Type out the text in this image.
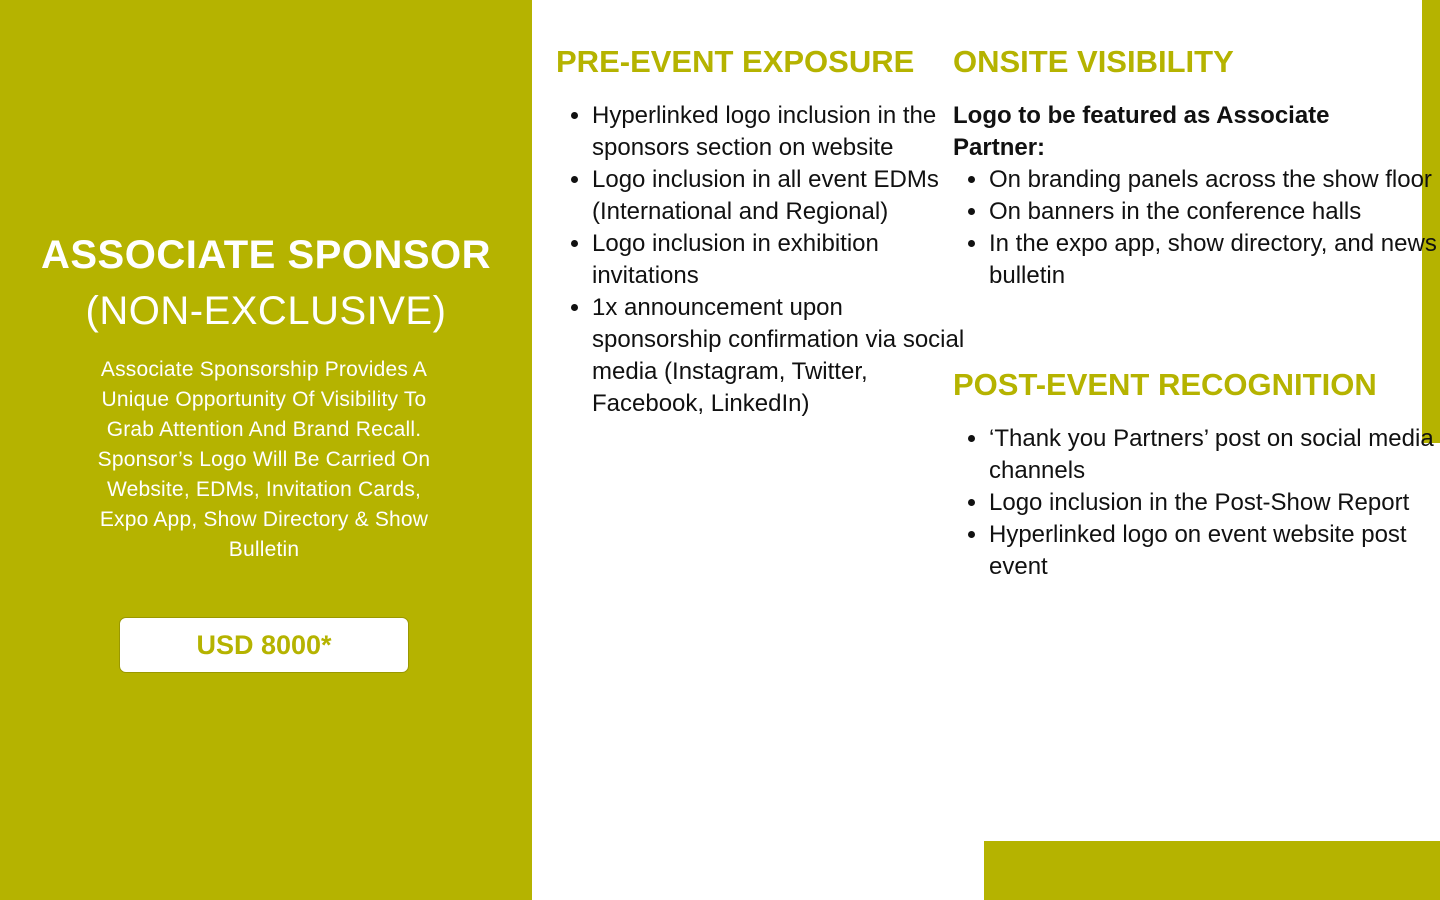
ASSOCIATE SPONSOR
(NON-EXCLUSIVE)
Associate Sponsorship Provides A Unique Opportunity Of Visibility To Grab Attention And Brand Recall. Sponsor’s Logo Will Be Carried On Website, EDMs, Invitation Cards, Expo App, Show Directory & Show Bulletin
USD 8000*
PRE-EVENT EXPOSURE
• Hyperlinked logo inclusion in the sponsors section on website
• Logo inclusion in all event EDMs (International and Regional)
• Logo inclusion in exhibition invitations
• 1x announcement upon sponsorship confirmation via social media (Instagram, Twitter, Facebook, LinkedIn)
ONSITE VISIBILITY
Logo to be featured as Associate Partner:
• On branding panels across the show floor
• On banners in the conference halls
• In the expo app, show directory, and news bulletin
POST-EVENT RECOGNITION
• ‘Thank you Partners’ post on social media channels
• Logo inclusion in the Post-Show Report
• Hyperlinked logo on event website post event
